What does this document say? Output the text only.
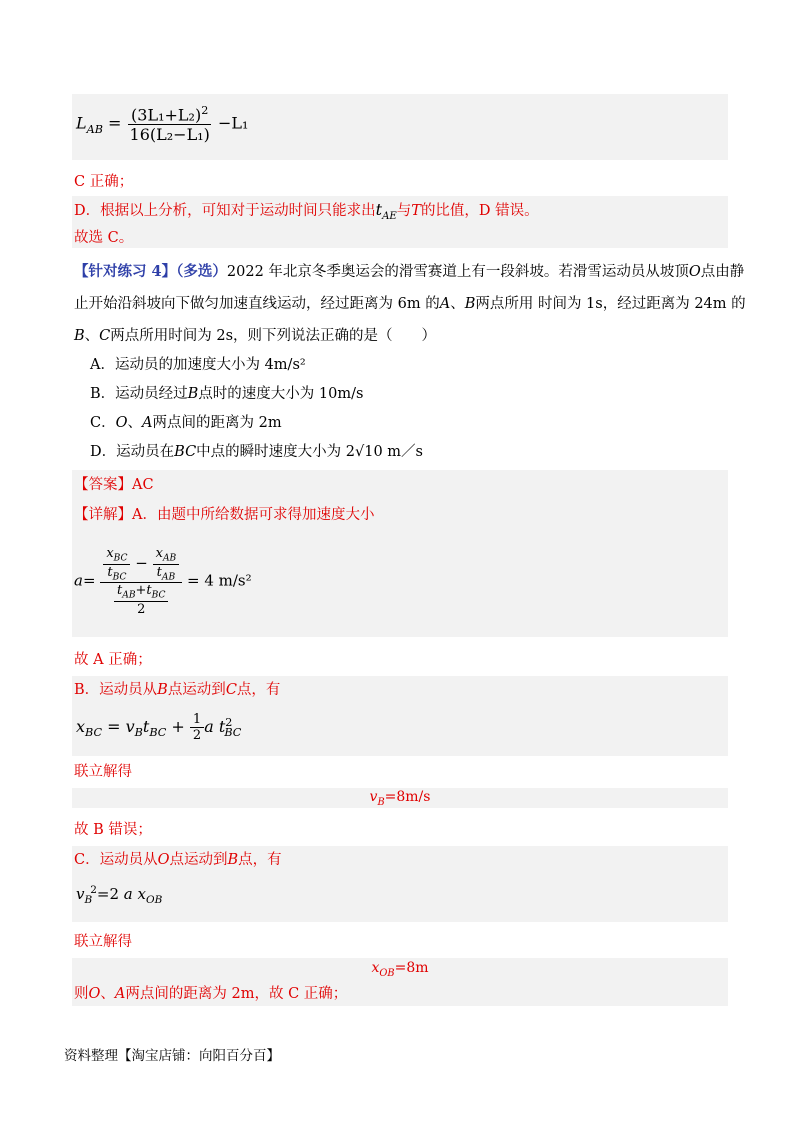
$L_{AB} = \frac{(3L_1+L_2)^2}{\text{16(L₂−L₁)}} -L_1$
C 正确；
D．根据以上分析，可知对于运动时间只能求出$t_{AE}$与T的比值，D 错误。
故选 C。
【针对练习 4】（多选）2022 年北京冬季奥运会的滑雪赛道上有一段斜坡。若滑雪运动员从坡顶O点由静
止开始沿斜坡向下做匀加速直线运动，经过距离为 6m 的A、B两点所用 时间为 1s，经过距离为 24m 的
B、C两点所用时间为 2s，则下列说法正确的是（　　）
A．运动员的加速度大小为 4m/s²
B．运动员经过B点时的速度大小为 10m/s
C．O、A两点间的距离为 2m
D．运动员在BC中点的瞬时速度大小为 2√10 m／s
【答案】AC
【详解】A．由题中所给数据可求得加速度大小
$a= \frac{x_{BC}}{t_{BC}} - \frac{x_{AB}}{t_{AB}}$
$\frac{t_{AB}+t_{BC}}{2}$
= 4 m/s²
故 A 正确；
B．运动员从B点运动到C点，有
$x_{BC} = v_Bt_{BC} + \frac{1}{2}$ a $t^2_{BC}$
联立解得
$v_B=8m/s$
故 B 错误；
C．运动员从O点运动到B点，有
$v_B^2=2$ a $x_{OB}$
联立解得
$x_{OB}=8m$
则O、A两点间的距离为 2m，故 C 正确；
资料整理【淘宝店铺：向阳百分百】
